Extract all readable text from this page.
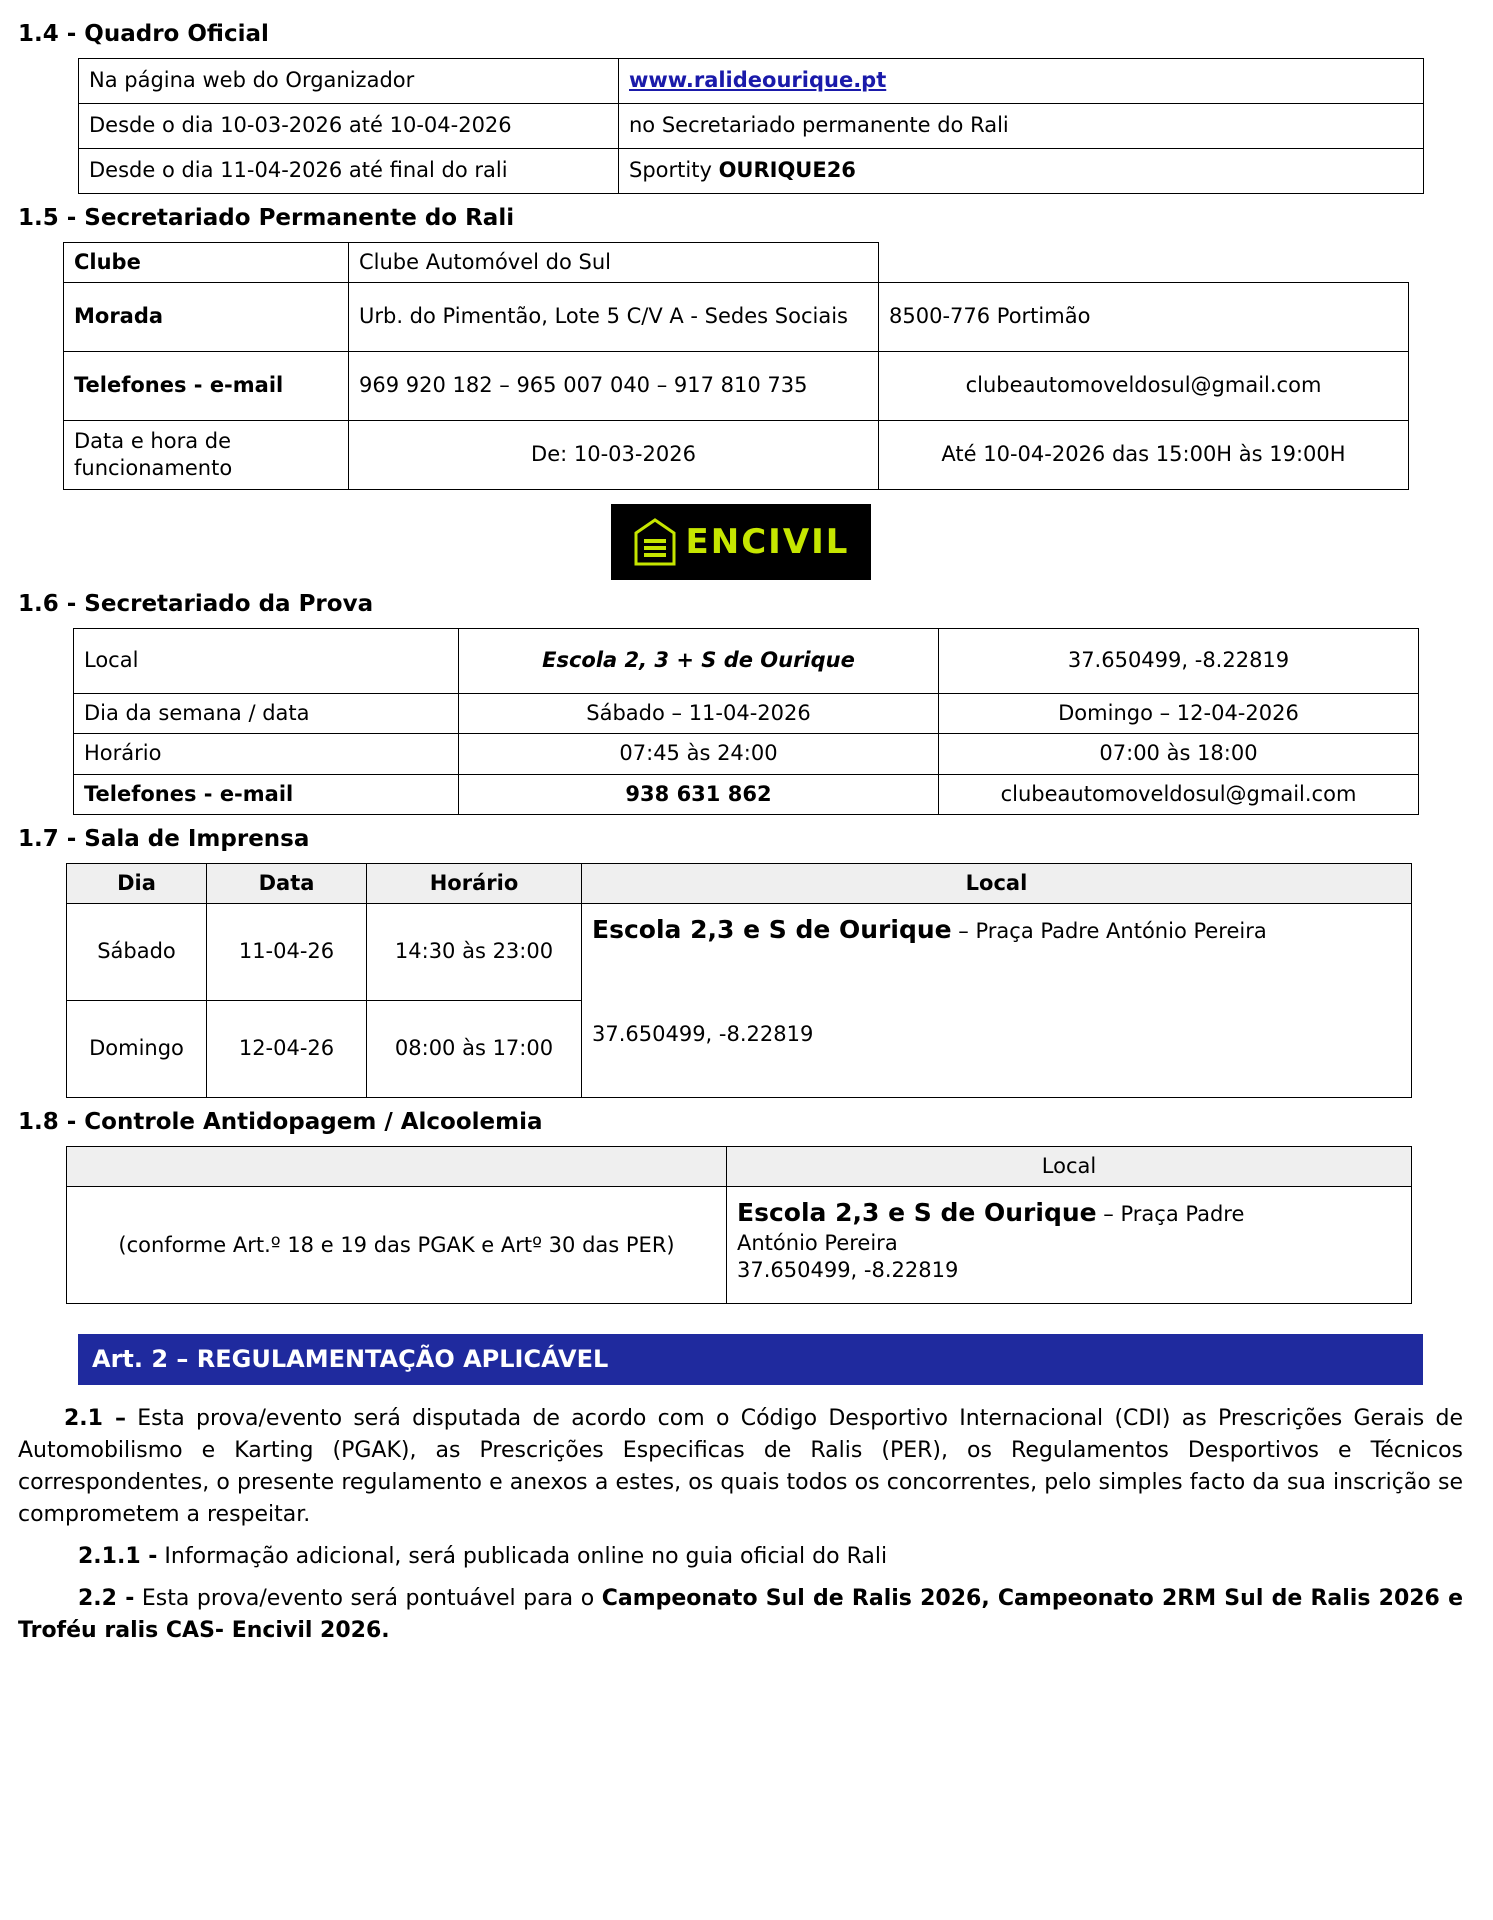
1.4 - Quadro Oficial
Na página web do Organizador	www.ralideourique.pt
Desde o dia 10-03-2026 até 10-04-2026	no Secretariado permanente do Rali
Desde o dia 11-04-2026 até final do rali	Sportity OURIQUE26
1.5 - Secretariado Permanente do Rali
Clube	Clube Automóvel do Sul	
Morada	Urb. do Pimentão, Lote 5 C/V A - Sedes Sociais	8500-776 Portimão
Telefones - e-mail	969 920 182 – 965 007 040 – 917 810 735	clubeautomoveldosul@gmail.com
Data e hora de funcionamento	De: 10-03-2026	Até 10-04-2026 das 15:00H às 19:00H
ENCIVIL
1.6 - Secretariado da Prova
Local	Escola 2, 3 + S de Ourique	37.650499, -8.22819
Dia da semana / data	Sábado – 11-04-2026	Domingo – 12-04-2026
Horário	07:45 às 24:00	07:00 às 18:00
Telefones - e-mail	938 631 862	clubeautomoveldosul@gmail.com
1.7 - Sala de Imprensa
Dia	Data	Horário	Local
Sábado	11-04-26	14:30 às 23:00	Escola 2,3 e S de Ourique – Praça Padre António Pereira
37.650499, -8.22819

Domingo	12-04-26	08:00 às 17:00	
1.8 - Controle Antidopagem / Alcoolemia
	Local
(conforme Art.º 18 e 19 das PGAK e Artº 30 das PER)	Escola 2,3 e S de Ourique – Praça Padre
António Pereira
37.650499, -8.22819
Art. 2 – REGULAMENTAÇÃO APLICÁVEL

2.1 – Esta prova/evento será disputada de acordo com o Código Desportivo Internacional (CDI) as Prescrições Gerais de Automobilismo e Karting (PGAK), as Prescrições Especificas de Ralis (PER), os Regulamentos Desportivos e Técnicos correspondentes, o presente regulamento e anexos a estes, os quais todos os concorrentes, pelo simples facto da sua inscrição se comprometem a respeitar.

2.1.1 - Informação adicional, será publicada online no guia oficial do Rali

2.2 - Esta prova/evento será pontuável para o Campeonato Sul de Ralis 2026, Campeonato 2RM Sul de Ralis 2026 e Troféu ralis CAS- Encivil 2026.
